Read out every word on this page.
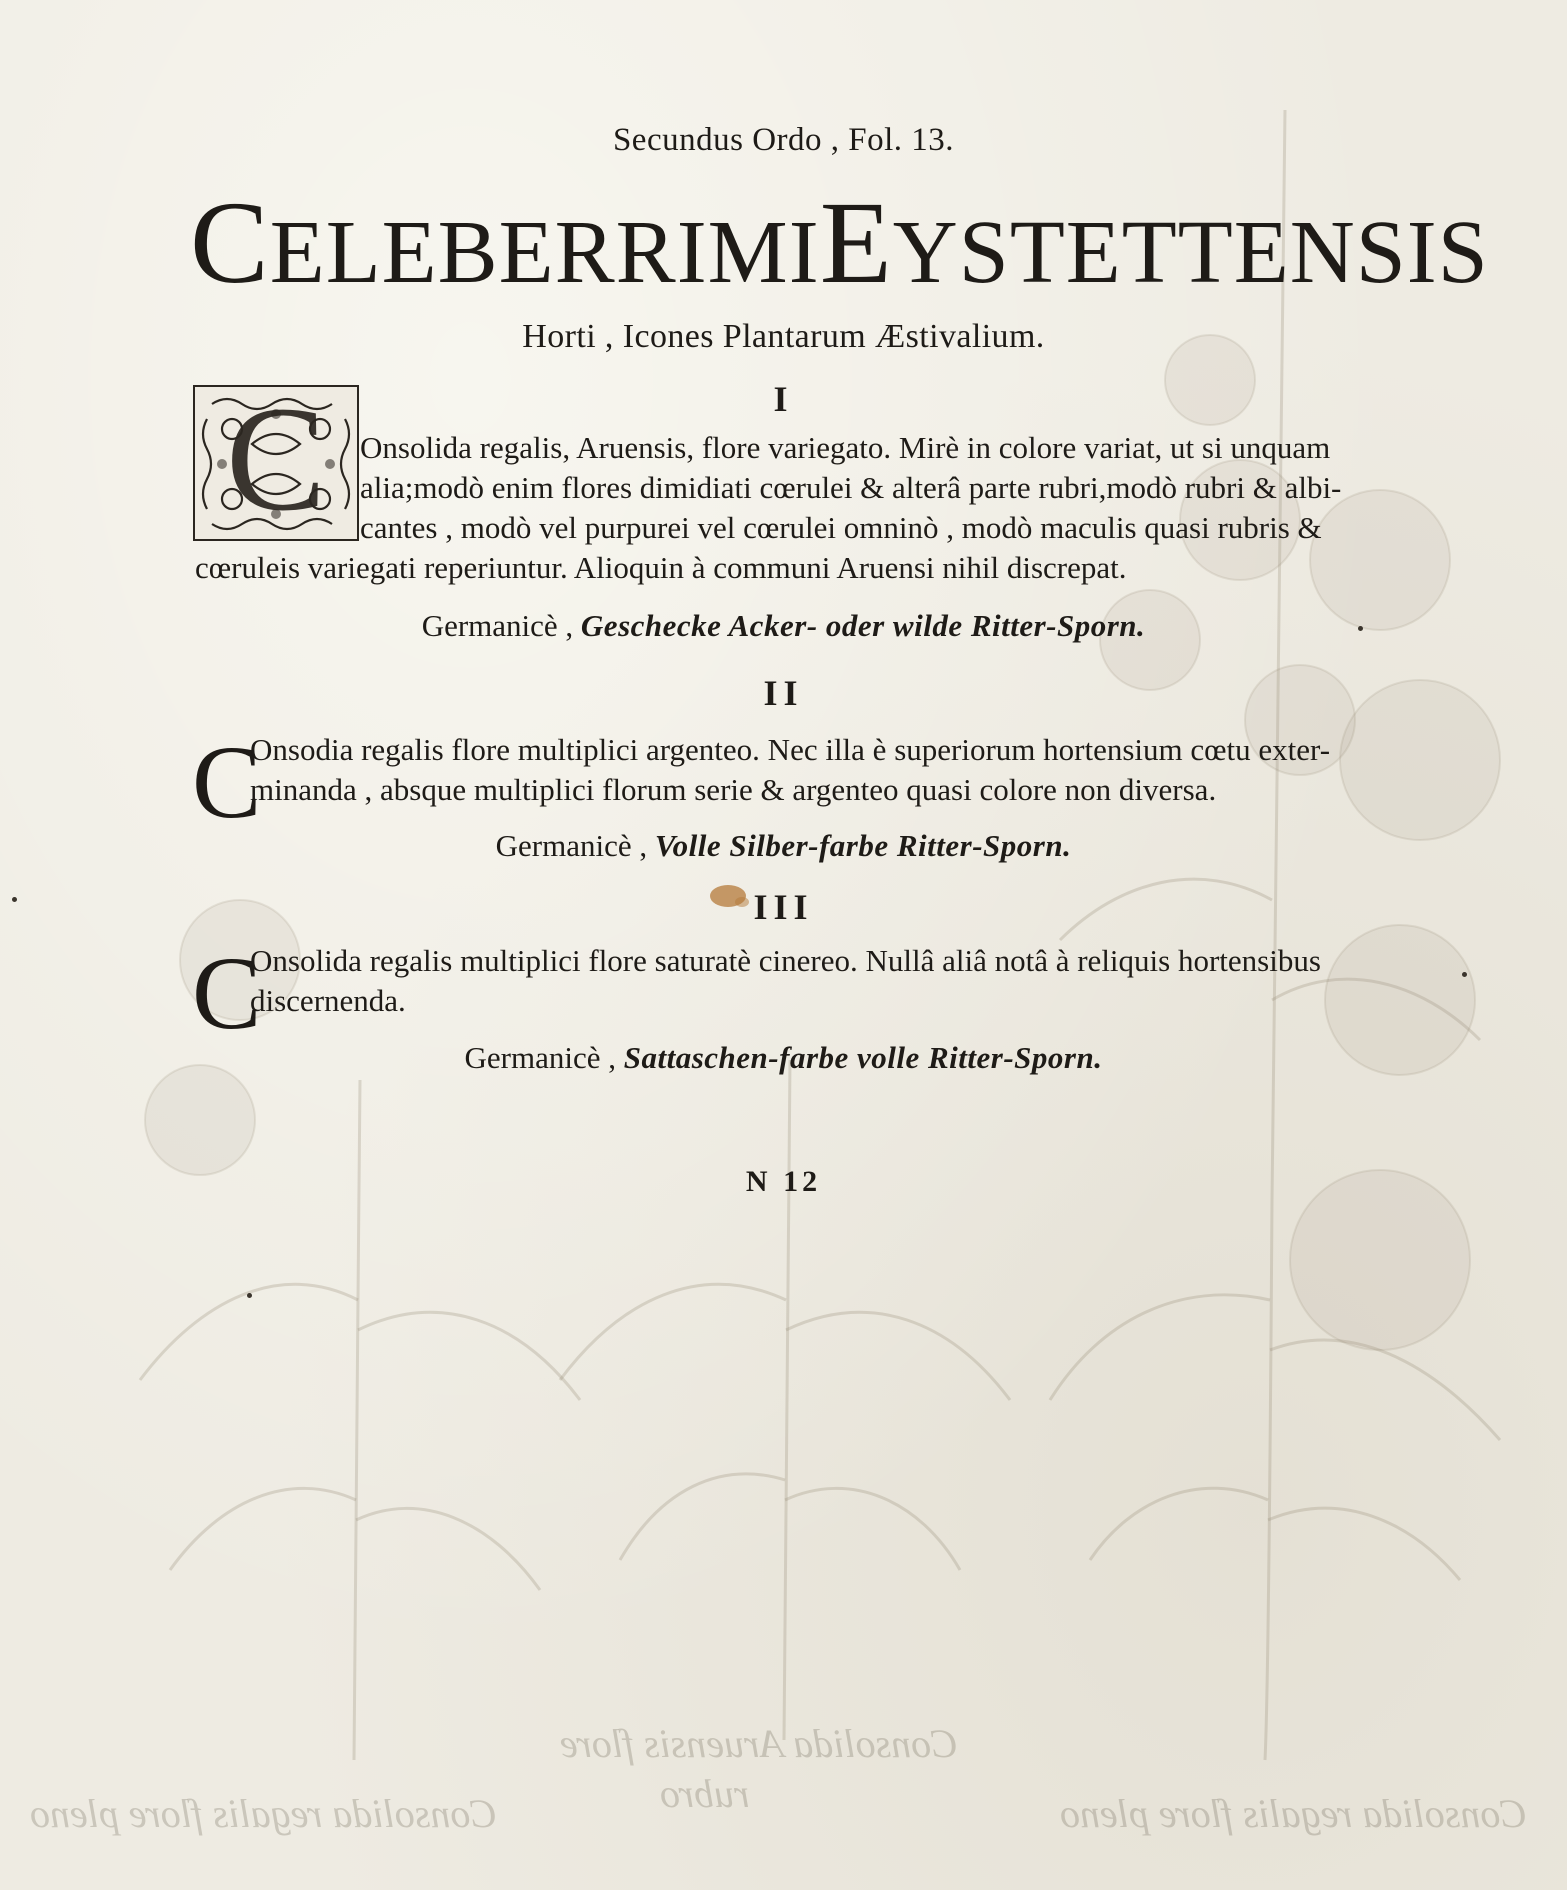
Consolida Aruensis flore
rubro
Consolida regalis flore pleno	Consolida regalis flore pleno
Secundus Ordo , Fol. 13.
CELEBERRIMIEYSTETTENSIS
Horti , Icones Plantarum Æstivalium.
I
C Onsolida regalis, Aruensis, flore variegato. Mirè in colore variat, ut si unquam
alia;modò enim flores dimidiati cœrulei & alterâ parte rubri,modò rubri & albi-
cantes , modò vel purpurei vel cœrulei omninò , modò maculis quasi rubris &
cœruleis variegati reperiuntur. Alioquin à communi Aruensi nihil discrepat.
Germanicè , Geschecke Acker- oder wilde Ritter-Sporn.
II
C
Onsodia regalis flore multiplici argenteo. Nec illa è superiorum hortensium cœtu exter-
minanda , absque multiplici florum serie & argenteo quasi colore non diversa.
Germanicè , Volle Silber-farbe Ritter-Sporn.
III
C
Onsolida regalis multiplici flore saturatè cinereo. Nullâ aliâ notâ à reliquis hortensibus
discernenda.
Germanicè , Sattaschen-farbe volle Ritter-Sporn.
N 12
